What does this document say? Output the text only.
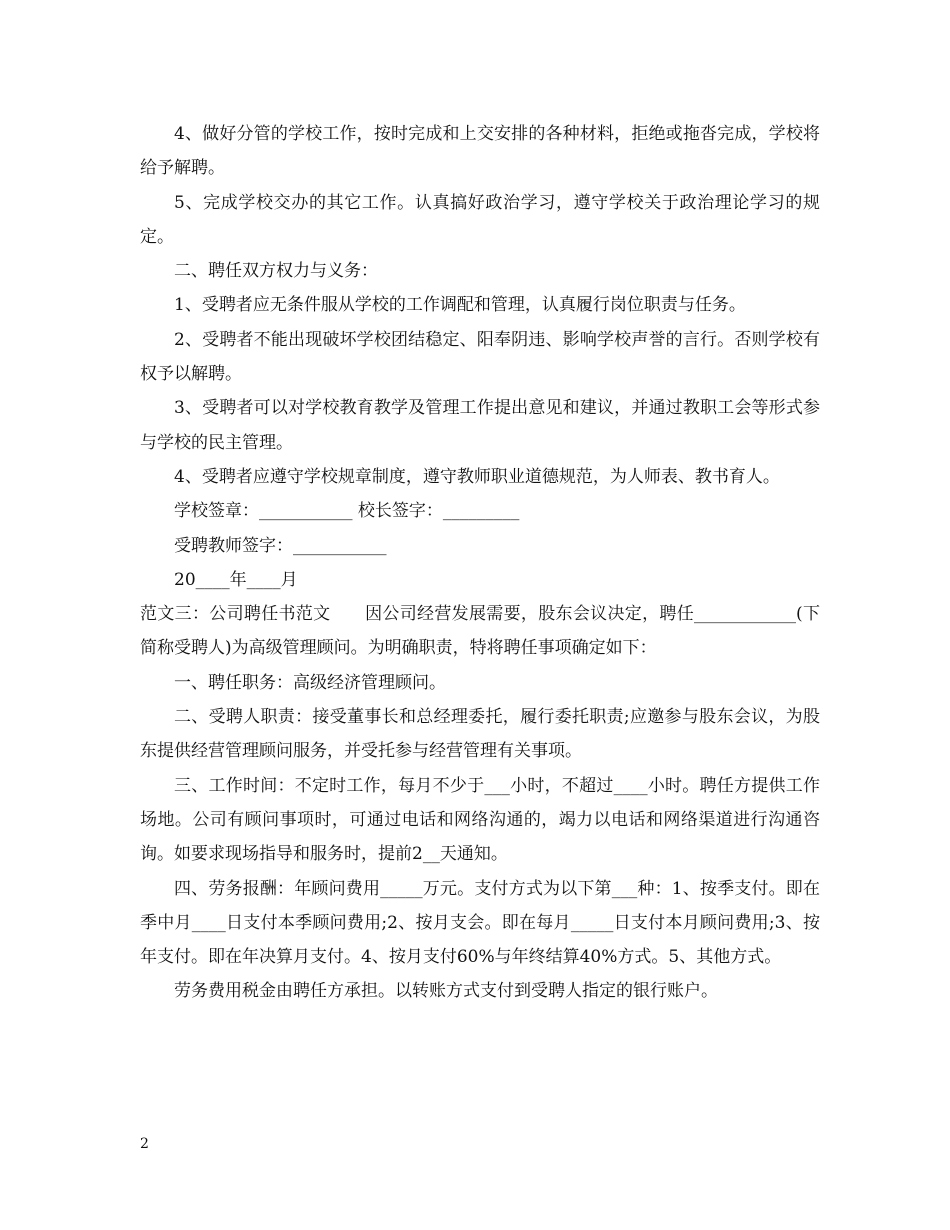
4、做好分管的学校工作，按时完成和上交安排的各种材料，拒绝或拖沓完成，学校将给予解聘。

5、完成学校交办的其它工作。认真搞好政治学习，遵守学校关于政治理论学习的规定。

二、聘任双方权力与义务：

1、受聘者应无条件服从学校的工作调配和管理，认真履行岗位职责与任务。

2、受聘者不能出现破坏学校团结稳定、阳奉阴违、影响学校声誉的言行。否则学校有权予以解聘。

3、受聘者可以对学校教育教学及管理工作提出意见和建议，并通过教职工会等形式参与学校的民主管理。

4、受聘者应遵守学校规章制度，遵守教师职业道德规范，为人师表、教书育人。

学校签章：___________ 校长签字：_________

受聘教师签字：___________

20____年____月

范文三：公司聘任书范文　　因公司经营发展需要，股东会议决定，聘任____________(下简称受聘人)为高级管理顾问。为明确职责，特将聘任事项确定如下：

一、聘任职务：高级经济管理顾问。

二、受聘人职责：接受董事长和总经理委托，履行委托职责;应邀参与股东会议，为股东提供经营管理顾问服务，并受托参与经营管理有关事项。

三、工作时间：不定时工作，每月不少于___小时，不超过____小时。聘任方提供工作场地。公司有顾问事项时，可通过电话和网络沟通的，竭力以电话和网络渠道进行沟通咨询。如要求现场指导和服务时，提前2__天通知。

四、劳务报酬：年顾问费用_____万元。支付方式为以下第___种：1、按季支付。即在季中月____日支付本季顾问费用;2、按月支会。即在每月_____日支付本月顾问费用;3、按年支付。即在年决算月支付。4、按月支付60%与年终结算40%方式。5、其他方式。

劳务费用税金由聘任方承担。以转账方式支付到受聘人指定的银行账户。

2
